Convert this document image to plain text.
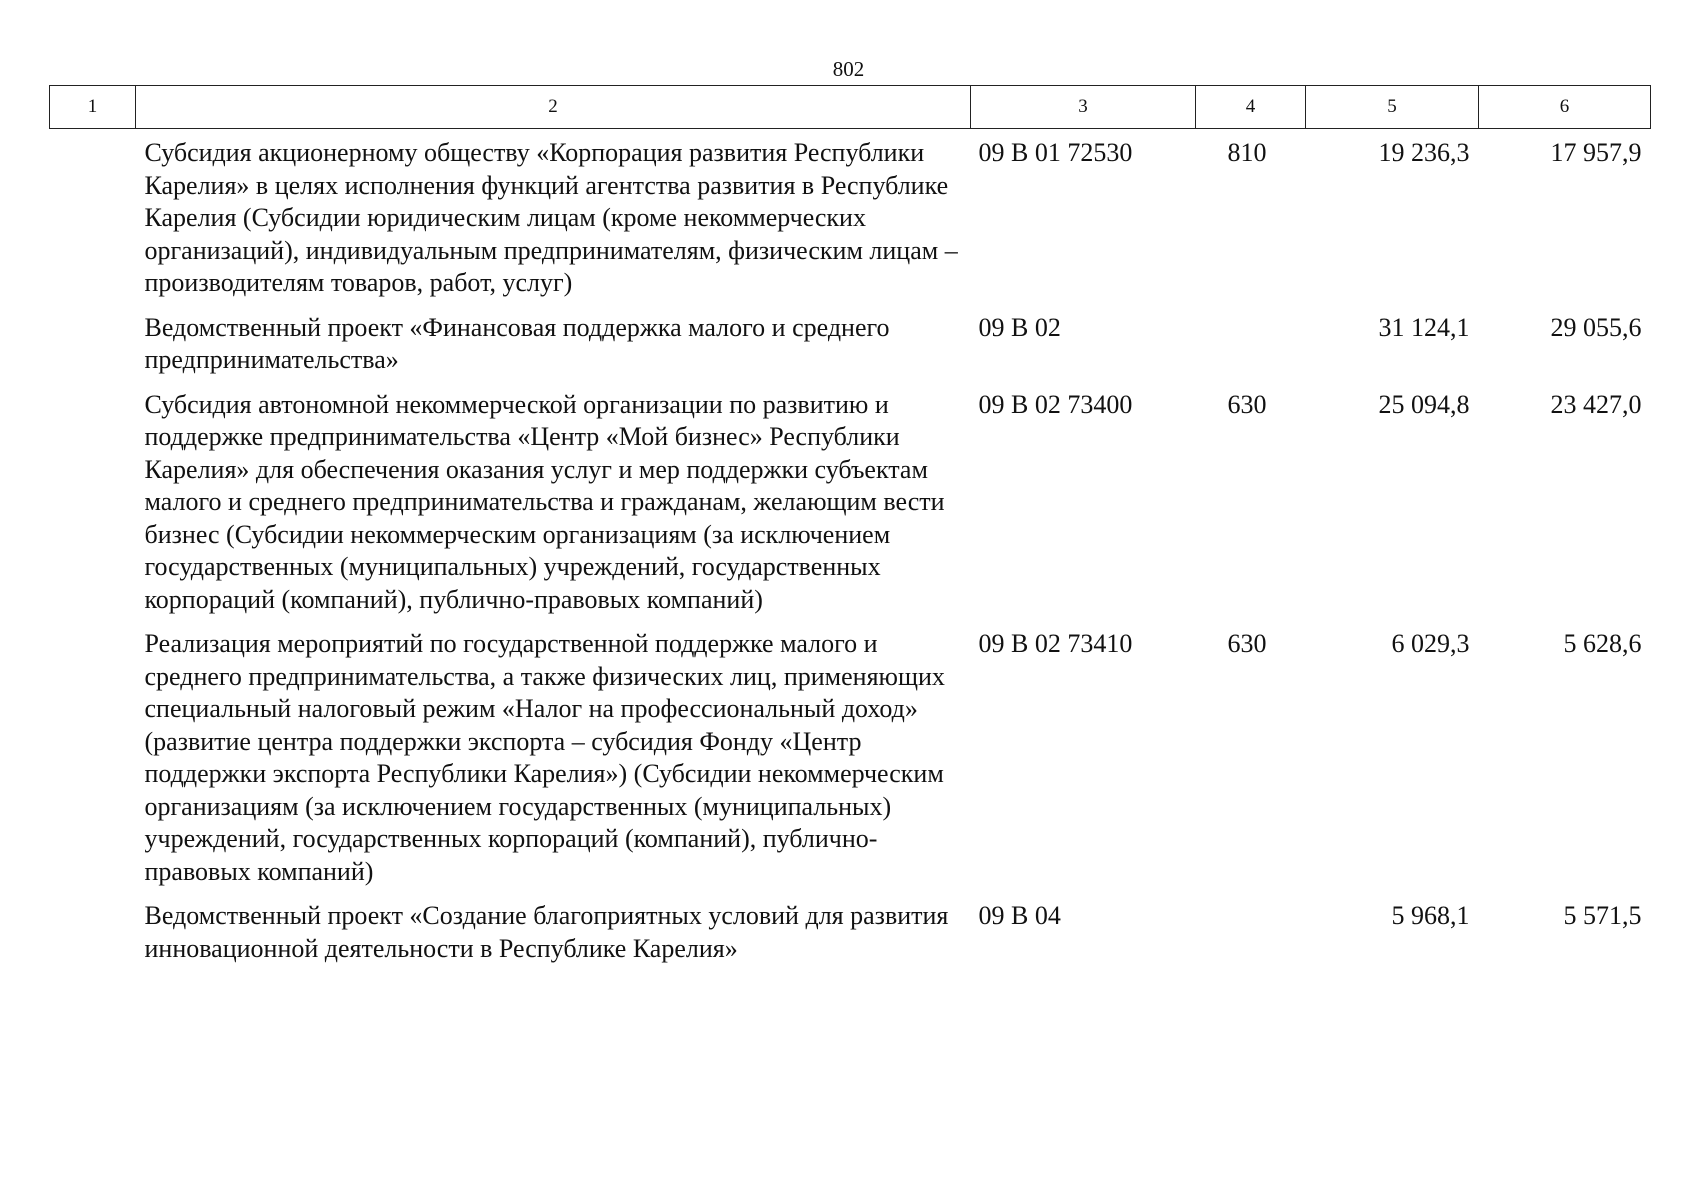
802
1	2	3	4	5	6
	Субсидия акционерному обществу «Корпорация развития Республики Карелия» в целях исполнения функций агентства развития в Республике Карелия (Субсидии юридическим лицам (кроме некоммерческих организаций), индивидуальным предпринимателям, физическим лицам – производителям товаров, работ, услуг)	09 В 01 72530	810	19 236,3	17 957,9
	Ведомственный проект «Финансовая поддержка малого и среднего предпринимательства»	09 В 02		31 124,1	29 055,6
	Субсидия автономной некоммерческой организации по развитию и поддержке предпринимательства «Центр «Мой бизнес» Республики Карелия» для обеспечения оказания услуг и мер поддержки субъектам малого и среднего предпринимательства и гражданам, желающим вести бизнес (Субсидии некоммерческим организациям (за исключением государственных (муниципальных) учреждений, государственных корпораций (компаний), публично-правовых компаний)	09 В 02 73400	630	25 094,8	23 427,0
	Реализация мероприятий по государственной поддержке малого и среднего предпринимательства, а также физических лиц, применяющих специальный налоговый режим «Налог на профессиональный доход» (развитие центра поддержки экспорта – субсидия Фонду «Центр поддержки экспорта Республики Карелия») (Субсидии некоммерческим организациям (за исключением государственных (муниципальных) учреждений, государственных корпораций (компаний), публично-правовых компаний)	09 В 02 73410	630	6 029,3	5 628,6
	Ведомственный проект «Создание благоприятных условий для развития инновационной деятельности в Республике Карелия»	09 В 04		5 968,1	5 571,5
